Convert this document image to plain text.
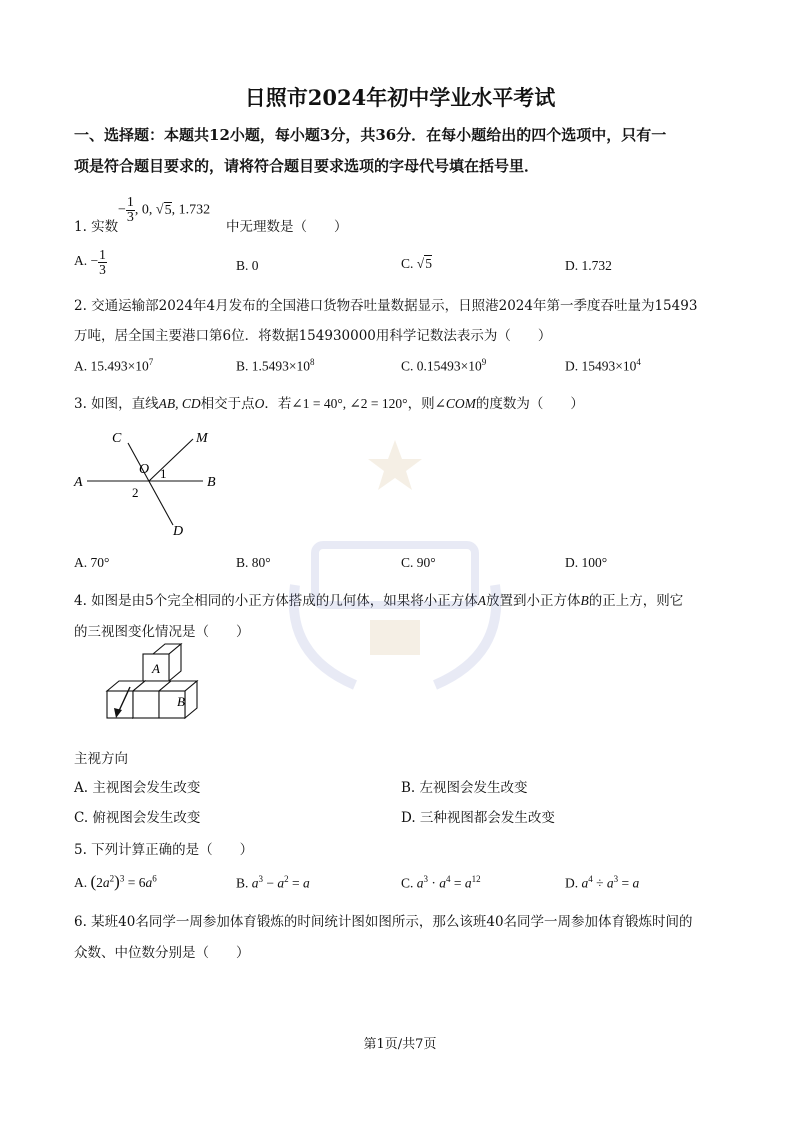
日照市2024年初中学业水平考试
一、选择题：本题共12小题，每小题3分，共36分．在每小题给出的四个选项中，只有一
项是符合题目要求的，请将符合题目要求选项的字母代号填在括号里．
− $\frac{1}{3}$ , 0, √5, 1.732
1. 实数	中无理数是（　　）
A. − $\frac{1}{3}$	B. 0	C. √5	D. 1.732
2. 交通运输部2024年4月发布的全国港口货物吞吐量数据显示，日照港2024年第一季度吞吐量为15493
万吨，居全国主要港口第6位．将数据154930000用科学记数法表示为（　　）
A. $15.493\times 10^7$	B. $1.5493\times 10^8$	C. $0.15493\times 10^9$	D. $15493\times 10^4$
3. 如图，直线AB, CD相交于点O．若∠1 = 40°, ∠2 = 120°，则∠COM的度数为（　　）
A	B
C
D
M
O 1
2
A. 70°	B. 80°	C. 90°	D. 100°
4. 如图是由5个完全相同的小正方体搭成的几何体，如果将小正方体A放置到小正方体B的正上方，则它
的三视图变化情况是（　　）
A
B
主视方向
A. 主视图会发生改变	B. 左视图会发生改变
C. 俯视图会发生改变	D. 三种视图都会发生改变
5. 下列计算正确的是（　　）
A. $(2a^2)^3 = 6a^6$	B. $a^3 - a^2 = a$	C. $a^3 \cdot a^4 = a^{12}$	D. $a^4 \div a^3 = a$
6. 某班40名同学一周参加体育锻炼的时间统计图如图所示，那么该班40名同学一周参加体育锻炼时间的
众数、中位数分别是（　　）
第1页/共7页
